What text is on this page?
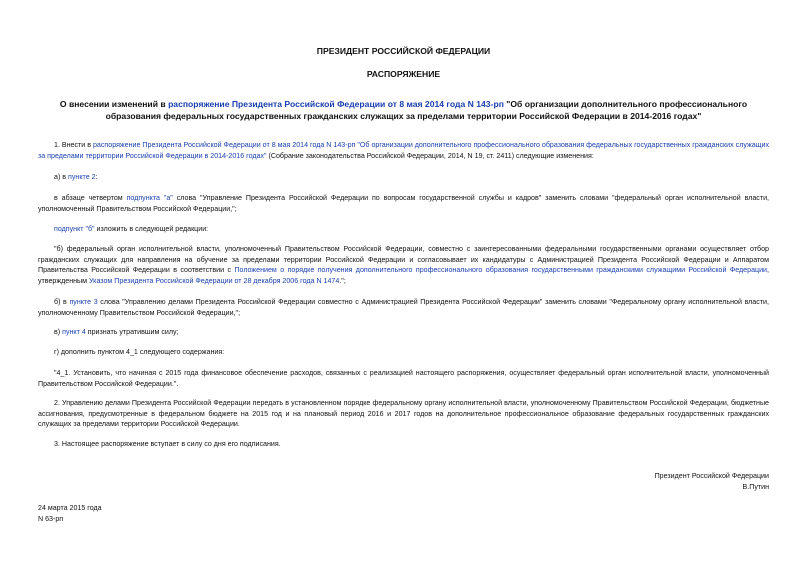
ПРЕЗИДЕНТ РОССИЙСКОЙ ФЕДЕРАЦИИ
РАСПОРЯЖЕНИЕ
О внесении изменений в распоряжение Президента Российской Федерации от 8 мая 2014 года N 143-рп "Об организации дополнительного профессионального образования федеральных государственных гражданских служащих за пределами территории Российской Федерации в 2014-2016 годах"
1. Внести в распоряжение Президента Российской Федерации от 8 мая 2014 года N 143-рп "Об организации дополнительного профессионального образования федеральных государственных гражданских служащих за пределами территории Российской Федерации в 2014-2016 годах" (Собрание законодательства Российской Федерации, 2014, N 19, ст. 2411) следующие изменения:
а) в пункте 2:
в абзаце четвертом подпункта "а" слова "Управление Президента Российской Федерации по вопросам государственной службы и кадров" заменить словами "федеральный орган исполнительной власти, уполномоченный Правительством Российской Федерации,";
подпункт "б" изложить в следующей редакции:
"б) федеральный орган исполнительной власти, уполномоченный Правительством Российской Федерации, совместно с заинтересованными федеральными государственными органами осуществляет отбор гражданских служащих для направления на обучение за пределами территории Российской Федерации и согласовывает их кандидатуры с Администрацией Президента Российской Федерации и Аппаратом Правительства Российской Федерации в соответствии с Положением о порядке получения дополнительного профессионального образования государственными гражданскими служащими Российской Федерации, утвержденным Указом Президента Российской Федерации от 28 декабря 2006 года N 1474.";
б) в пункте 3 слова "Управлению делами Президента Российской Федерации совместно с Администрацией Президента Российской Федерации" заменить словами "Федеральному органу исполнительной власти, уполномоченному Правительством Российской Федерации,";
в) пункт 4 признать утратившим силу;
г) дополнить пунктом 4_1 следующего содержания:
"4_1. Установить, что начиная с 2015 года финансовое обеспечение расходов, связанных с реализацией настоящего распоряжения, осуществляет федеральный орган исполнительной власти, уполномоченный Правительством Российской Федерации.".
2. Управлению делами Президента Российской Федерации передать в установленном порядке федеральному органу исполнительной власти, уполномоченному Правительством Российской Федерации, бюджетные ассигнования, предусмотренные в федеральном бюджете на 2015 год и на плановый период 2016 и 2017 годов на дополнительное профессиональное образование федеральных государственных гражданских служащих за пределами территории Российской Федерации.
3. Настоящее распоряжение вступает в силу со дня его подписания.
Президент Российской Федерации
В.Путин
24 марта 2015 года
N 63-рп
